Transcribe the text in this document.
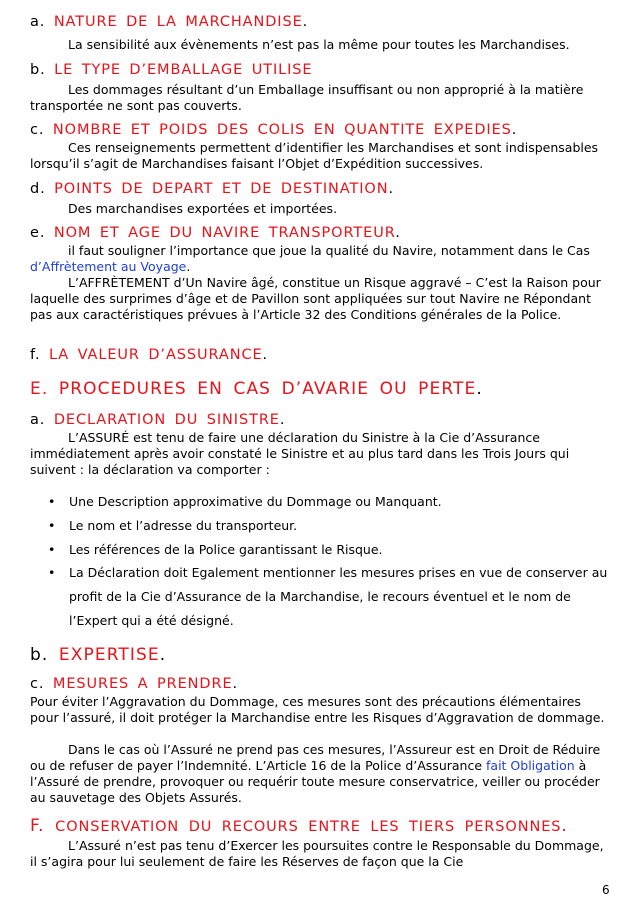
a. NATURE DE LA MARCHANDISE.

La sensibilité aux évènements n’est pas la même pour toutes les Marchandises.

b. LE TYPE D’EMBALLAGE UTILISE

Les dommages résultant d’un Emballage insuffisant ou non approprié à la matière transportée ne sont pas couverts.

c. NOMBRE ET POIDS DES COLIS EN QUANTITE EXPEDIES.

Ces renseignements permettent d’identifier les Marchandises et sont indispensables lorsqu’il s’agit de Marchandises faisant l’Objet d’Expédition successives.

d. POINTS DE DEPART ET DE DESTINATION.

Des marchandises exportées et importées.

e. NOM ET AGE DU NAVIRE TRANSPORTEUR.

il faut souligner l’importance que joue la qualité du Navire, notamment dans le Cas d’Affrètement au Voyage.

L’AFFRÈTEMENT d’Un Navire âgé, constitue un Risque aggravé – C’est la Raison pour laquelle des surprimes d’âge et de Pavillon sont appliquées sur tout Navire ne Répondant pas aux caractéristiques prévues à l’Article 32 des Conditions générales de la Police.

f. LA VALEUR D’ASSURANCE.
E. PROCEDURES EN CAS D’AVARIE OU PERTE.
a. DECLARATION DU SINISTRE.

L’ASSURÉ est tenu de faire une déclaration du Sinistre à la Cie d’Assurance immédiatement après avoir constaté le Sinistre et au plus tard dans les Trois Jours qui suivent : la déclaration va comporter :

•	Une Description approximative du Dommage ou Manquant.
•	Le nom et l’adresse du transporteur.
•	Les références de la Police garantissant le Risque.
•	La Déclaration doit Egalement mentionner les mesures prises en vue de conserver au profit de la Cie d’Assurance de la Marchandise, le recours éventuel et le nom de l’Expert qui a été désigné.
b. EXPERTISE.
c. MESURES A PRENDRE.

Pour éviter l’Aggravation du Dommage, ces mesures sont des précautions élémentaires pour l’assuré, il doit protéger la Marchandise entre les Risques d’Aggravation de dommage.

Dans le cas où l’Assuré ne prend pas ces mesures, l’Assureur est en Droit de Réduire ou de refuser de payer l’Indemnité. L’Article 16 de la Police d’Assurance fait Obligation à l’Assuré de prendre, provoquer ou requérir toute mesure conservatrice, veiller ou procéder au sauvetage des Objets Assurés.

F. CONSERVATION DU RECOURS ENTRE LES TIERS PERSONNES.

L’Assuré n’est pas tenu d’Exercer les poursuites contre le Responsable du Dommage, il s’agira pour lui seulement de faire les Réserves de façon que la Cie

6
